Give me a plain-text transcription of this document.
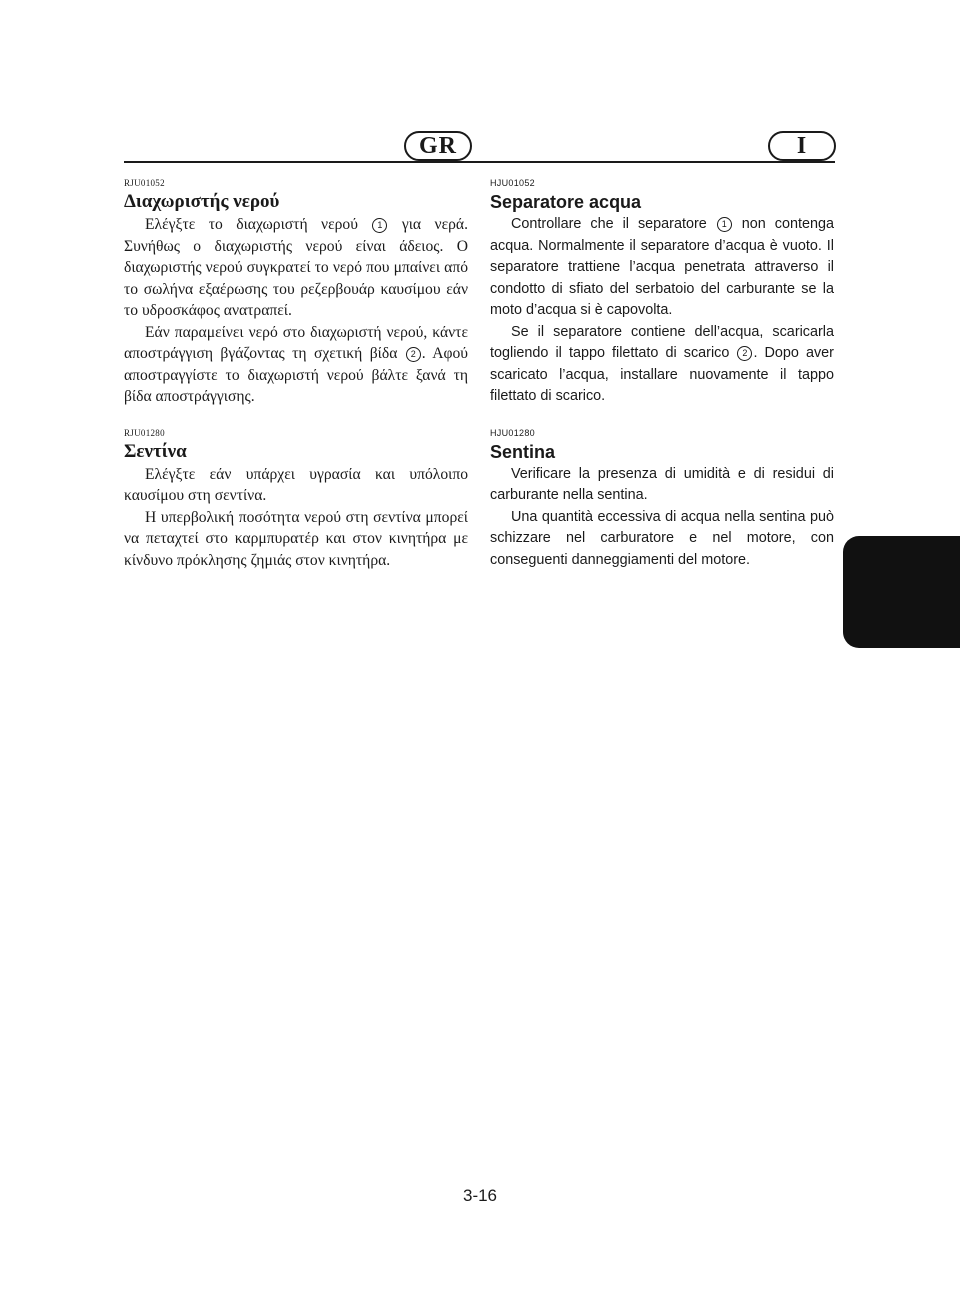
GR	I
RJU01052
Διαχωριστής νερού

Ελέγξτε το διαχωριστή νερού 1 για νερά. Συνήθως ο διαχωριστής νερού είναι άδειος. Ο διαχωριστής νερού συγκρατεί το νερό που μπαίνει από το σωλήνα εξαέρωσης του ρεζερβουάρ καυσίμου εάν το υδροσκάφος ανατραπεί.

Εάν παραμείνει νερό στο διαχωριστή νερού, κάντε αποστράγγιση βγάζοντας τη σχετική βίδα 2 . Αφού αποστραγγίστε το διαχωριστή νερού βάλτε ξανά τη βίδα αποστράγγισης.

RJU01280
Σεντίνα

Ελέγξτε εάν υπάρχει υγρασία και υπόλοιπο καυσίμου στη σεντίνα.

Η υπερβολική ποσότητα νερού στη σεντίνα μπορεί να πεταχτεί στο καρμπυρατέρ και στον κινητήρα με κίνδυνο πρόκλησης ζημιάς στον κινητήρα.

HJU01052
Separatore acqua

Controllare che il separatore 1 non contenga acqua. Normalmente il separatore d’acqua è vuoto. Il separatore trattiene l’acqua penetrata attraverso il condotto di sfiato del serbatoio del carburante se la moto d’acqua si è capovolta.

Se il separatore contiene dell’acqua, scaricarla togliendo il tappo filettato di scarico 2 . Dopo aver scaricato l’acqua, installare nuovamente il tappo filettato di scarico.

HJU01280
Sentina

Verificare la presenza di umidità e di residui di carburante nella sentina.

Una quantità eccessiva di acqua nella sentina può schizzare nel carburatore e nel motore, con conseguenti danneggiamenti del motore.

3-16
